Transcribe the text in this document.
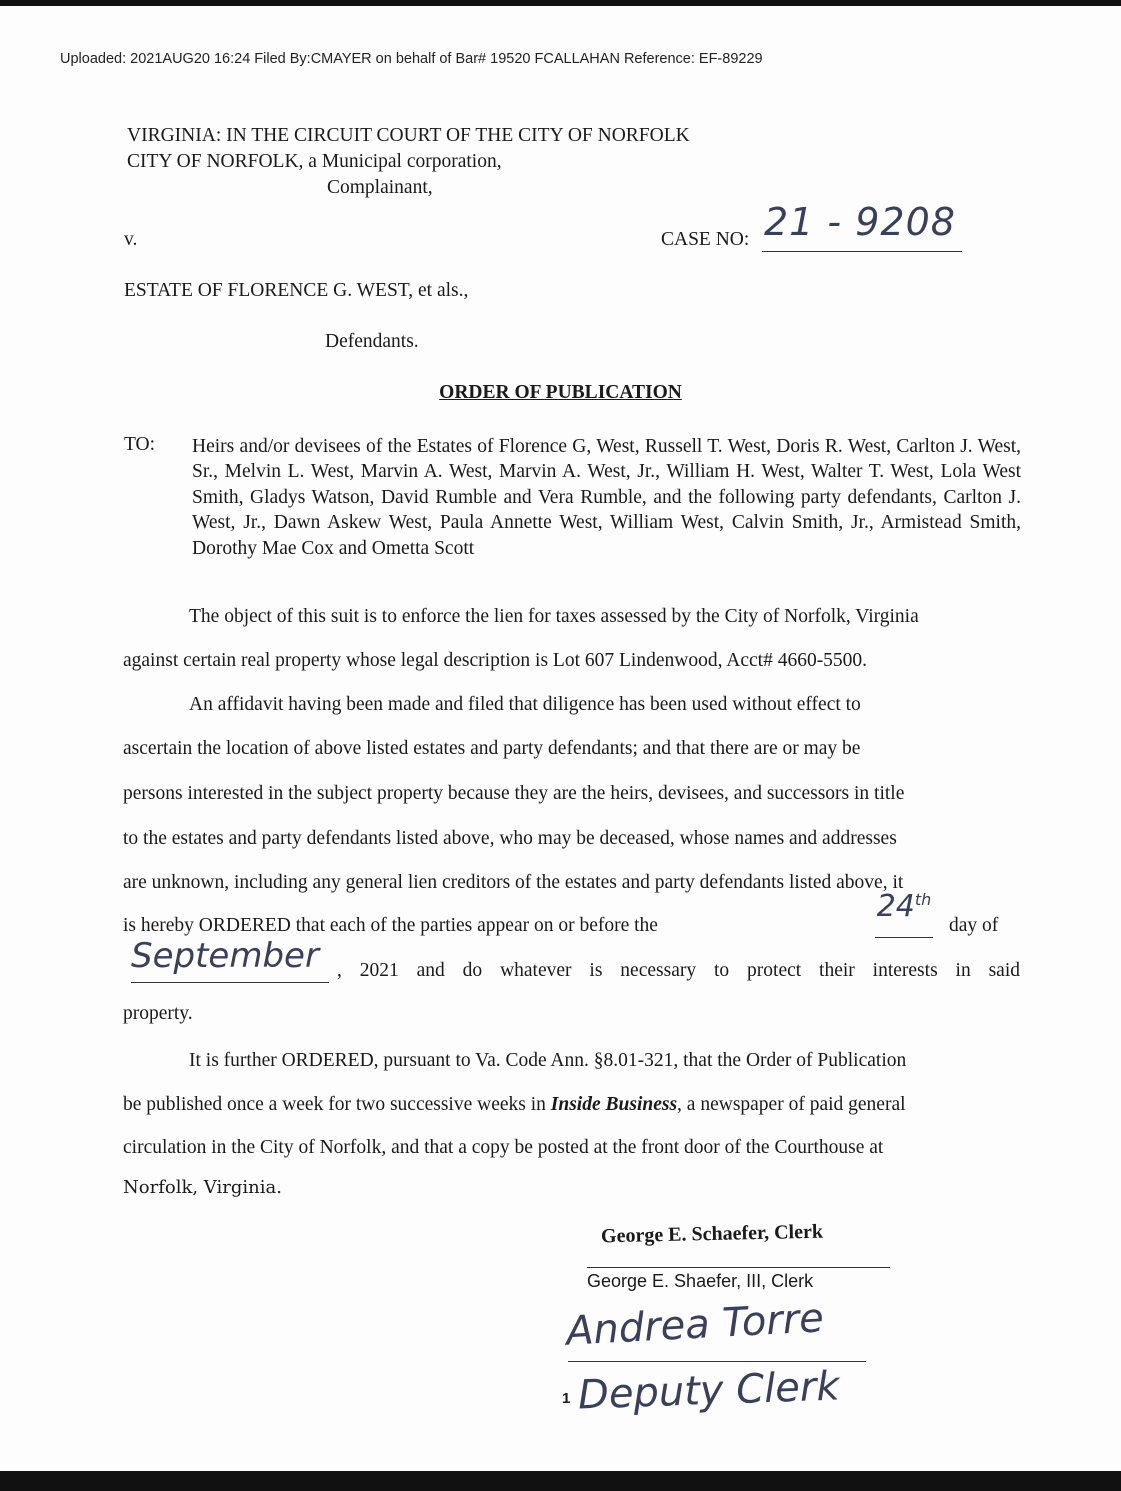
Uploaded: 2021AUG20 16:24 Filed By:CMAYER on behalf of Bar# 19520 FCALLAHAN Reference: EF-89229
VIRGINIA: IN THE CIRCUIT COURT OF THE CITY OF NORFOLK
CITY OF NORFOLK, a Municipal corporation,
Complainant,
v.	CASE NO: 21 - 9208
ESTATE OF FLORENCE G. WEST, et als.,
Defendants.
ORDER OF PUBLICATION
TO: Heirs and/or devisees of the Estates of Florence G, West, Russell T. West, Doris R. West, Carlton J. West, Sr., Melvin L. West, Marvin A. West, Marvin A. West, Jr., William H. West, Walter T. West, Lola West Smith, Gladys Watson, David Rumble and Vera Rumble, and the following party defendants, Carlton J. West, Jr., Dawn Askew West, Paula Annette West, William West, Calvin Smith, Jr., Armistead Smith, Dorothy Mae Cox and Ometta Scott
The object of this suit is to enforce the lien for taxes assessed by the City of Norfolk, Virginia
against certain real property whose legal description is Lot 607 Lindenwood, Acct# 4660-5500.
An affidavit having been made and filed that diligence has been used without effect to
ascertain the location of above listed estates and party defendants; and that there are or may be
persons interested in the subject property because they are the heirs, devisees, and successors in title
to the estates and party defendants listed above, who may be deceased, whose names and addresses
are unknown, including any general lien creditors of the estates and party defendants listed above, it
is hereby ORDERED that each of the parties appear on or before the
24th
day of
September , 2021 and do whatever is necessary to protect their interests in said
property.
It is further ORDERED, pursuant to Va. Code Ann. §8.01-321, that the Order of Publication
be published once a week for two successive weeks in Inside Business, a newspaper of paid general
circulation in the City of Norfolk, and that a copy be posted at the front door of the Courthouse at
Norfolk, Virginia.
George E. Schaefer, Clerk
George E. Shaefer, III, Clerk
Andrea Torre
1 Deputy Clerk
